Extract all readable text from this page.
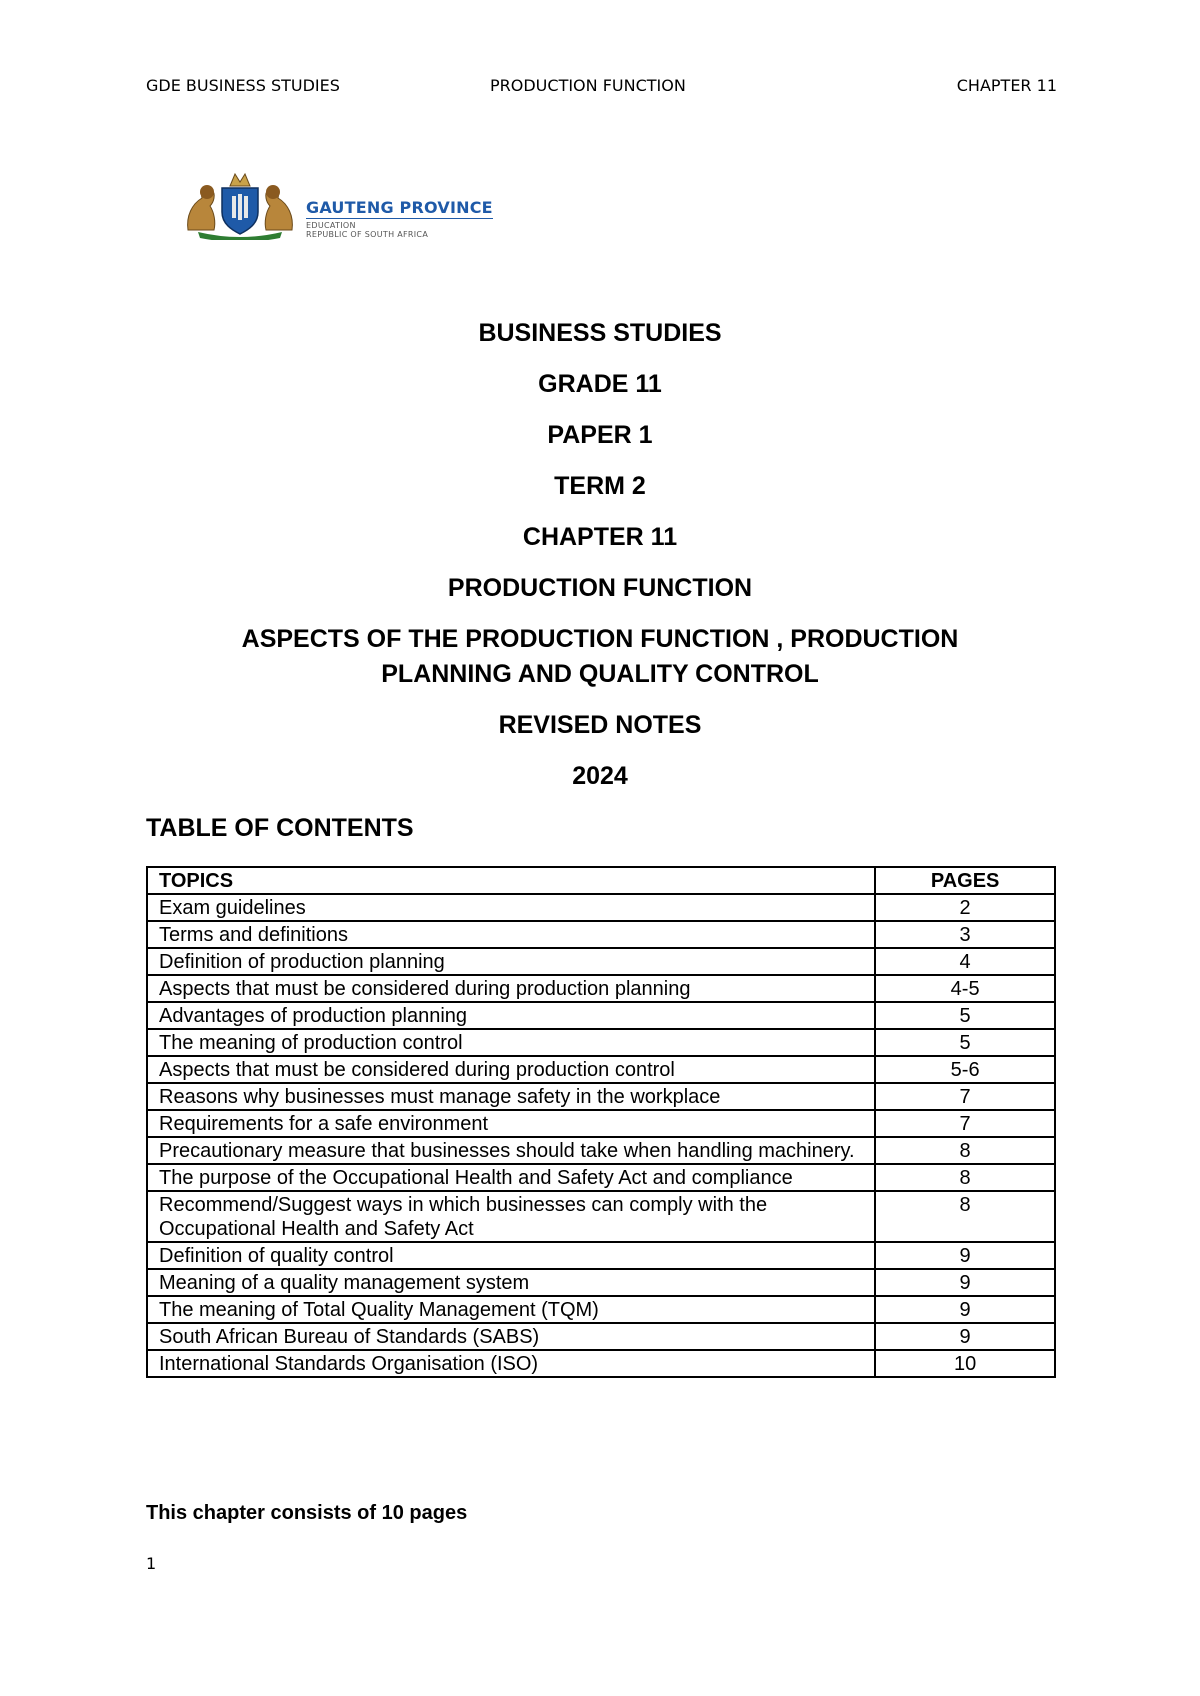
GDE BUSINESS STUDIES	PRODUCTION FUNCTION	CHAPTER 11
GAUTENG PROVINCE
EDUCATION
REPUBLIC OF SOUTH AFRICA
BUSINESS STUDIES
GRADE 11
PAPER 1
TERM 2
CHAPTER 11
PRODUCTION FUNCTION
ASPECTS OF THE PRODUCTION FUNCTION , PRODUCTION
PLANNING AND QUALITY CONTROL
REVISED NOTES
2024
TABLE OF CONTENTS
TOPICS	PAGES
Exam guidelines	2
Terms and definitions	3
Definition of production planning	4
Aspects that must be considered during production planning	4-5
Advantages of production planning	5
The meaning of production control	5
Aspects that must be considered during production control	5-6
Reasons why businesses must manage safety in the workplace	7
Requirements for a safe environment	7
Precautionary measure that businesses should take when handling machinery.	8
The purpose of the Occupational Health and Safety Act and compliance	8
Recommend/Suggest ways in which businesses can comply with the Occupational Health and Safety Act	8
Definition of quality control	9
Meaning of a quality management system	9
The meaning of Total Quality Management (TQM)	9
South African Bureau of Standards (SABS)	9
International Standards Organisation (ISO)	10
This chapter consists of 10 pages
1
